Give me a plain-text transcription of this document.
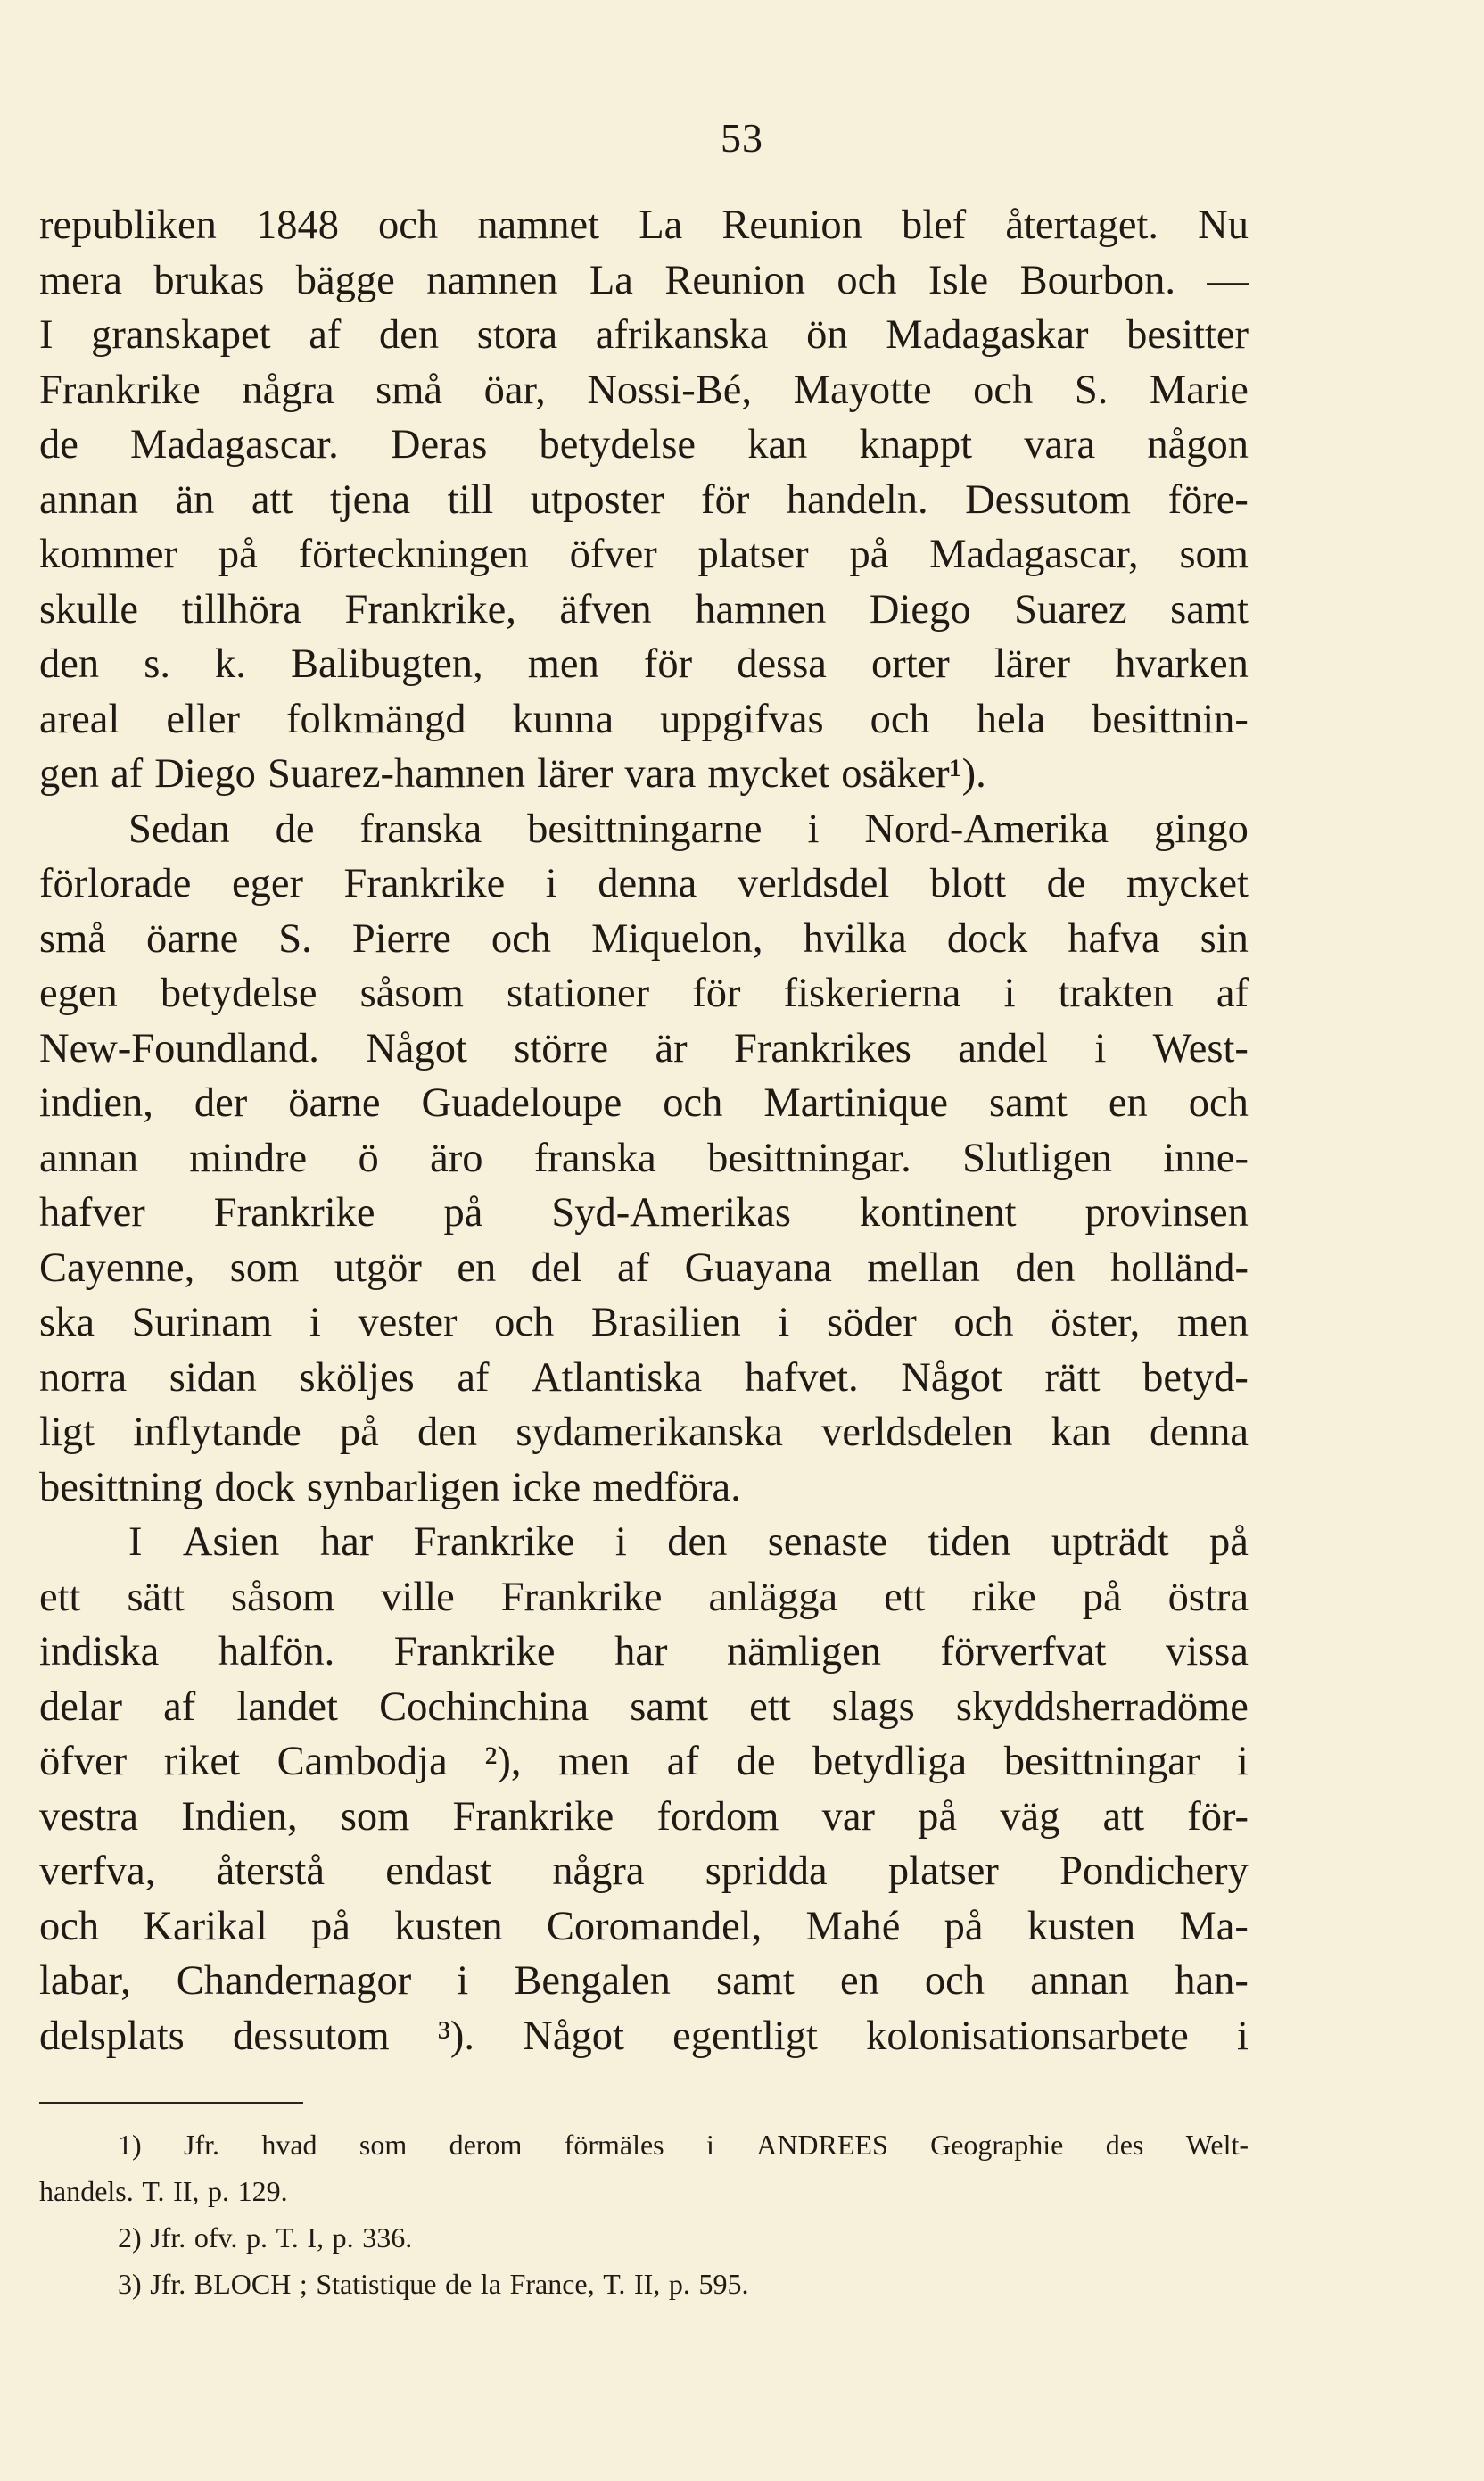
53
republiken 1848 och namnet La Reunion blef återtaget. Nu
mera brukas bägge namnen La Reunion och Isle Bourbon. —
I granskapet af den stora afrikanska ön Madagaskar besitter
Frankrike några små öar, Nossi-Bé, Mayotte och S. Marie
de Madagascar. Deras betydelse kan knappt vara någon
annan än att tjena till utposter för handeln. Dessutom före-
kommer på förteckningen öfver platser på Madagascar, som
skulle tillhöra Frankrike, äfven hamnen Diego Suarez samt
den s. k. Balibugten, men för dessa orter lärer hvarken
areal eller folkmängd kunna uppgifvas och hela besittnin-
gen af Diego Suarez-hamnen lärer vara mycket osäker¹).
Sedan de franska besittningarne i Nord-Amerika gingo
förlorade eger Frankrike i denna verldsdel blott de mycket
små öarne S. Pierre och Miquelon, hvilka dock hafva sin
egen betydelse såsom stationer för fiskerierna i trakten af
New-Foundland. Något större är Frankrikes andel i West-
indien, der öarne Guadeloupe och Martinique samt en och
annan mindre ö äro franska besittningar. Slutligen inne-
hafver Frankrike på Syd-Amerikas kontinent provinsen
Cayenne, som utgör en del af Guayana mellan den holländ-
ska Surinam i vester och Brasilien i söder och öster, men
norra sidan sköljes af Atlantiska hafvet. Något rätt betyd-
ligt inflytande på den sydamerikanska verldsdelen kan denna
besittning dock synbarligen icke medföra.
I Asien har Frankrike i den senaste tiden upträdt på
ett sätt såsom ville Frankrike anlägga ett rike på östra
indiska halfön. Frankrike har nämligen förverfvat vissa
delar af landet Cochinchina samt ett slags skyddsherradöme
öfver riket Cambodja ²), men af de betydliga besittningar i
vestra Indien, som Frankrike fordom var på väg att för-
verfva, återstå endast några spridda platser Pondichery
och Karikal på kusten Coromandel, Mahé på kusten Ma-
labar, Chandernagor i Bengalen samt en och annan han-
delsplats dessutom ³). Något egentligt kolonisationsarbete i
1) Jfr. hvad som derom förmäles i ANDREES Geographie des Welt-
handels. T. II, p. 129.
2) Jfr. ofv. p. T. I, p. 336.
3) Jfr. BLOCH ; Statistique de la France, T. II, p. 595.
